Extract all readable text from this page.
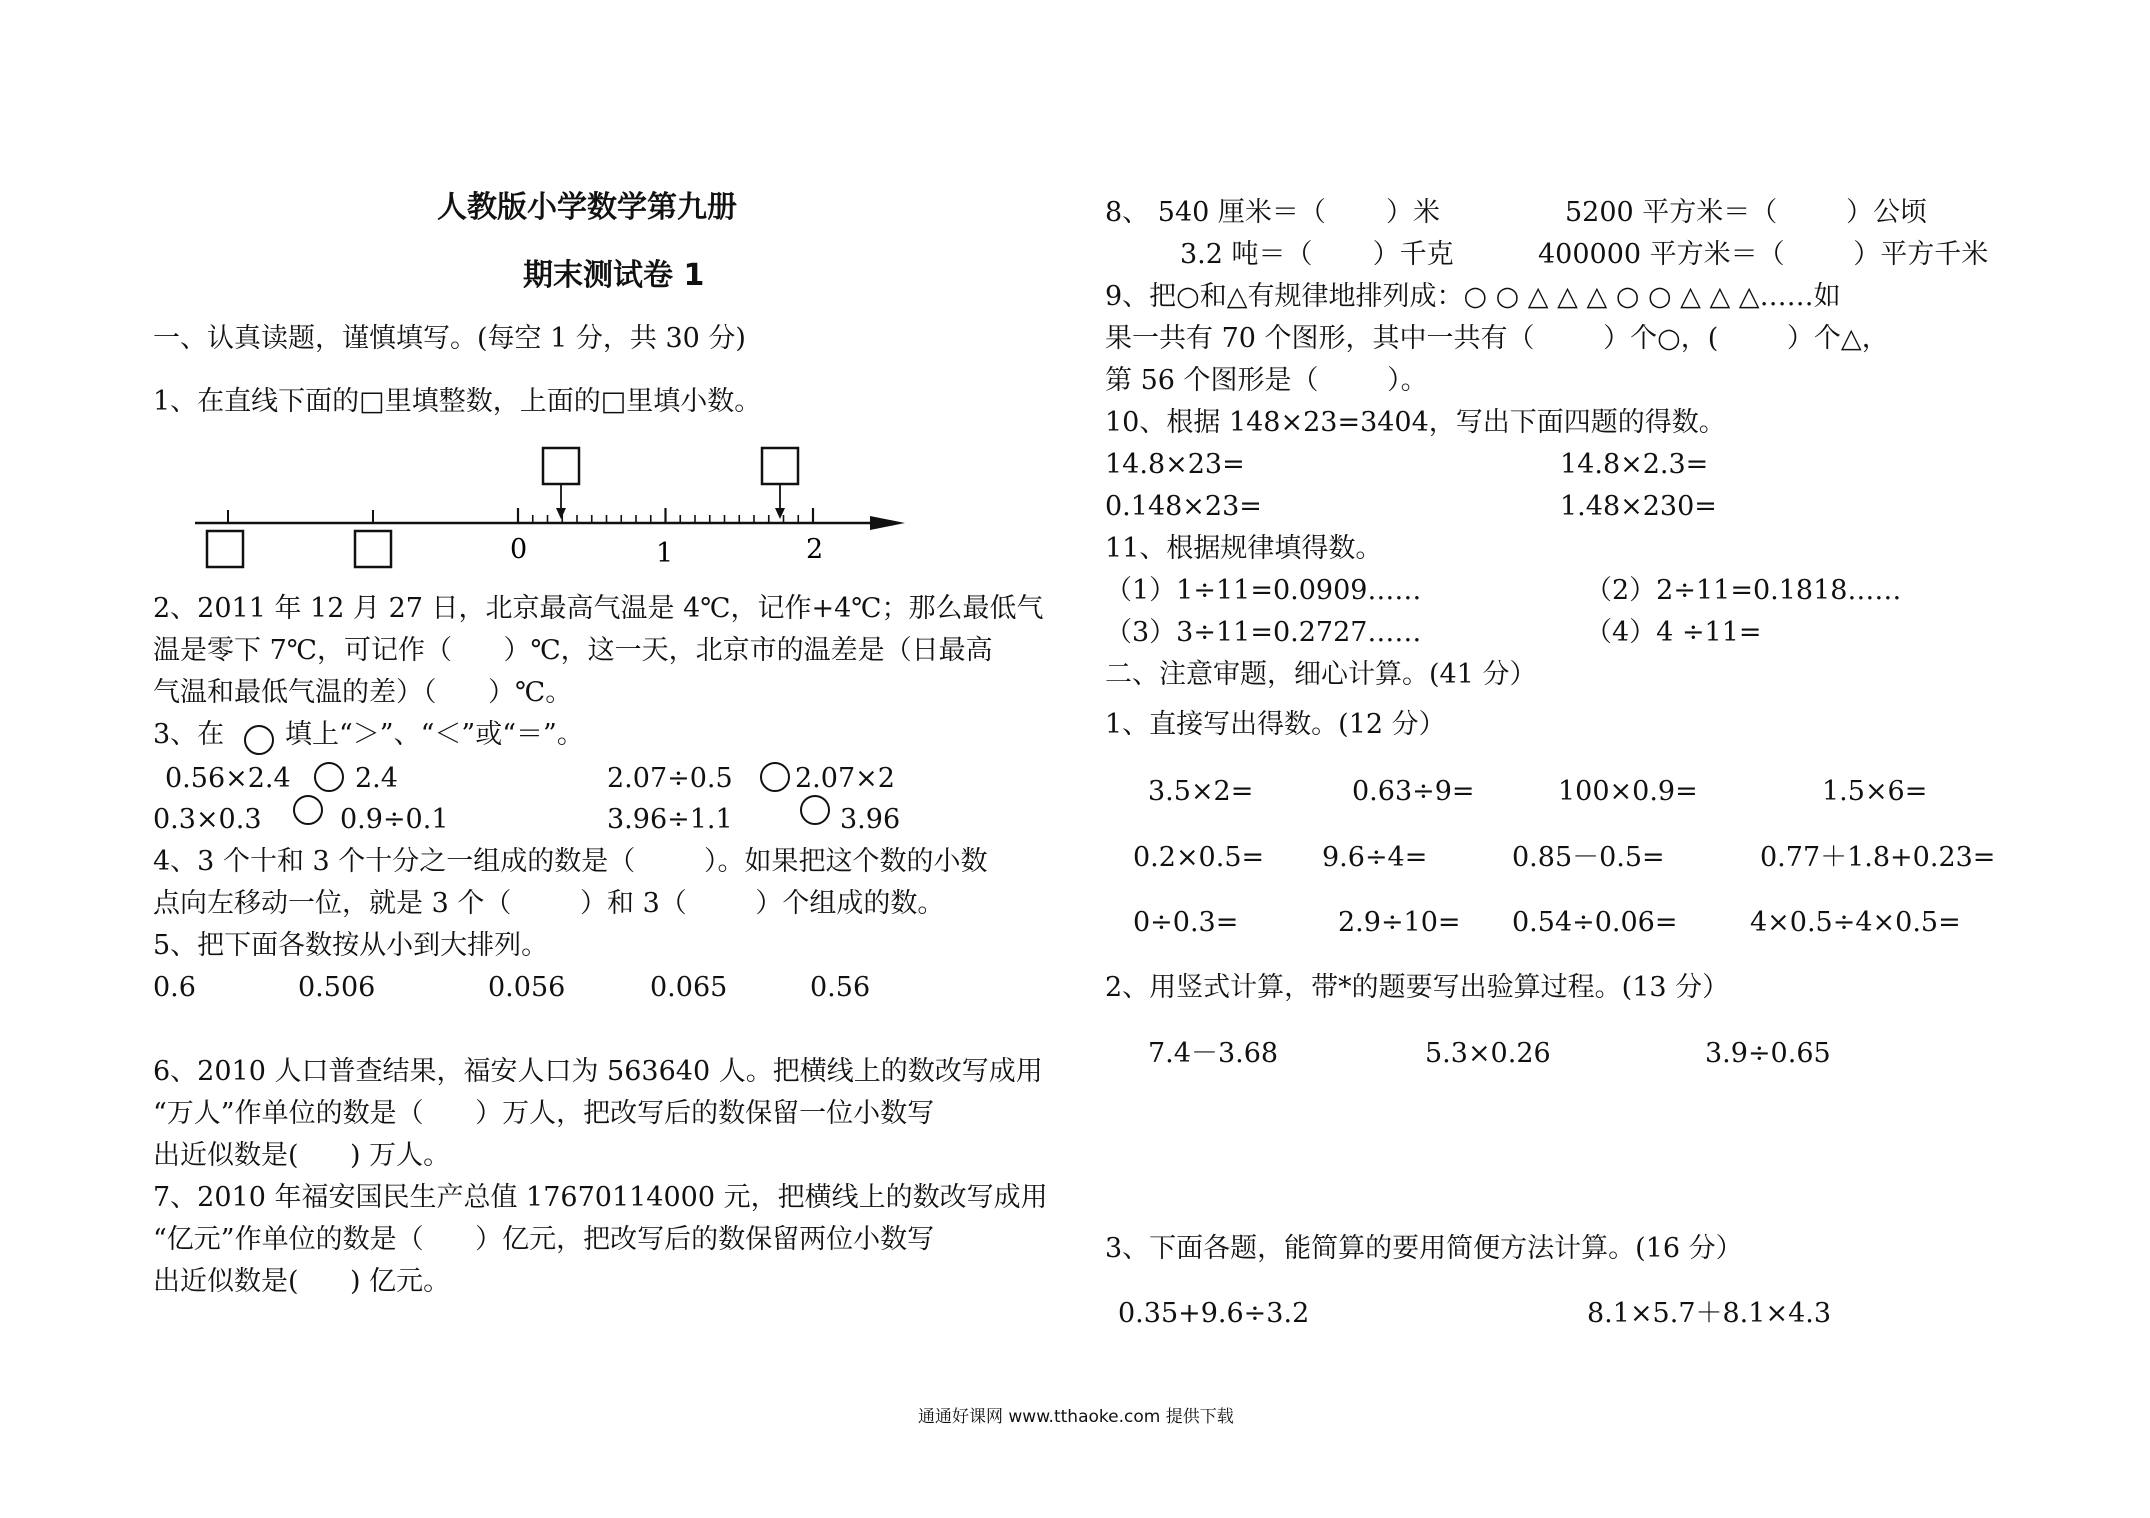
人教版小学数学第九册
期末测试卷 1
一、认真读题，谨慎填写。(每空 1 分，共 30 分)
1、在直线下面的□里填整数，上面的□里填小数。
0	1	2
2、2011 年 12 月 27 日，北京最高气温是 4℃，记作+4℃；那么最低气
温是零下 7℃，可记作（      ）℃，这一天，北京市的温差是（日最高
气温和最低气温的差）（      ）℃。
3、在 填上“＞”、“＜”或“＝”。
0.56×2.4 2.4	2.07÷0.5 2.07×2
0.3×0.3	0.9÷0.1	3.96÷1.1	3.96
4、3 个十和 3 个十分之一组成的数是（        ）。如果把这个数的小数
点向左移动一位，就是 3 个（        ）和 3（        ）个组成的数。
5、把下面各数按从小到大排列。
0.6	0.506	0.056	0.065	0.56
6、2010 人口普查结果，福安人口为 563640 人。把横线上的数改写成用
“万人”作单位的数是（      ）万人，把改写后的数保留一位小数写
出近似数是(      ) 万人。
7、2010 年福安国民生产总值 17670114000 元，把横线上的数改写成用
“亿元”作单位的数是（      ）亿元，把改写后的数保留两位小数写
出近似数是(      ) 亿元。
8、 540 厘米＝（       ）米	5200 平方米＝（        ）公顷
3.2 吨＝（       ）千克	400000 平方米＝（        ）平方千米
9、把○和△有规律地排列成：○ ○ △ △ △ ○ ○ △ △ △……如
果一共有 70 个图形，其中一共有（        ）个○，(        ）个△，
第 56 个图形是（        ）。
10、根据 148×23=3404，写出下面四题的得数。
14.8×23=	14.8×2.3=
0.148×23=	1.48×230=
11、根据规律填得数。
（1）1÷11=0.0909……	（2）2÷11=0.1818……
（3）3÷11=0.2727……	（4）4 ÷11=
二、注意审题，细心计算。(41 分）
1、直接写出得数。(12 分）
3.5×2=	0.63÷9=	100×0.9=	1.5×6=
0.2×0.5= 9.6÷4=	0.85－0.5=	0.77＋1.8+0.23=
0÷0.3=	2.9÷10= 0.54÷0.06=	4×0.5÷4×0.5=
2、用竖式计算，带*的题要写出验算过程。(13 分）
7.4－3.68	5.3×0.26	3.9÷0.65
3、下面各题，能简算的要用简便方法计算。(16 分）
0.35+9.6÷3.2	8.1×5.7＋8.1×4.3
通通好课网 www.tthaoke.com 提供下载
